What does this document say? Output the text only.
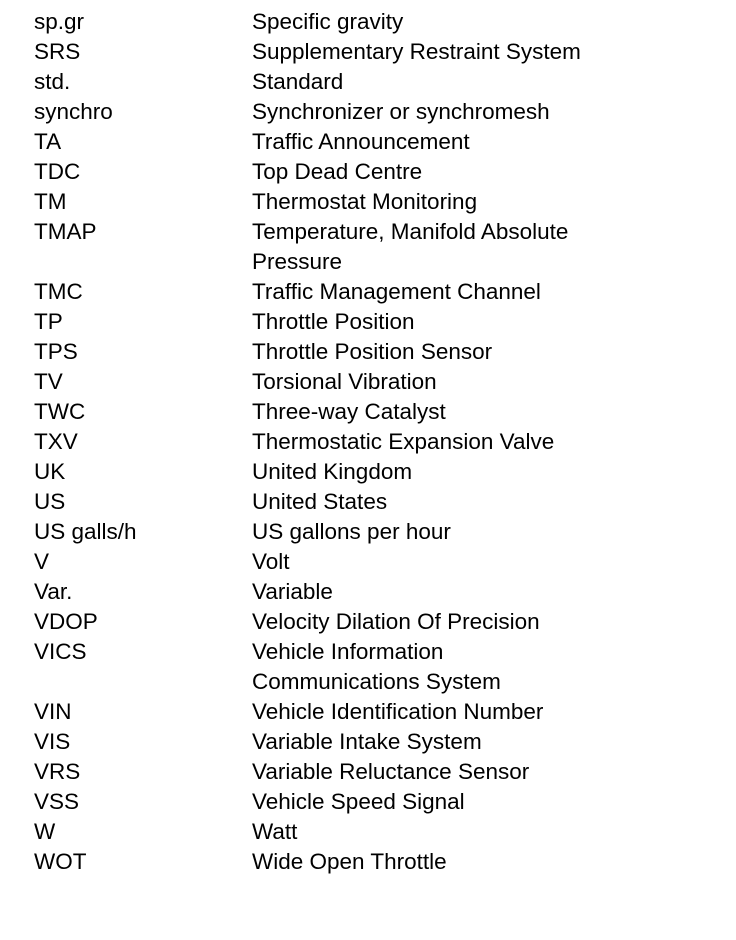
sp.gr	Specific gravity
SRS	Supplementary Restraint System
std.	Standard
synchro	Synchronizer or synchromesh
TA	Traffic Announcement
TDC	Top Dead Centre
TM	Thermostat Monitoring
TMAP	Temperature, Manifold Absolute
Pressure
TMC	Traffic Management Channel
TP	Throttle Position
TPS	Throttle Position Sensor
TV	Torsional Vibration
TWC	Three-way Catalyst
TXV	Thermostatic Expansion Valve
UK	United Kingdom
US	United States
US galls/h	US gallons per hour
V	Volt
Var.	Variable
VDOP	Velocity Dilation Of Precision
VICS	Vehicle Information
Communications System
VIN	Vehicle Identification Number
VIS	Variable Intake System
VRS	Variable Reluctance Sensor
VSS	Vehicle Speed Signal
W	Watt
WOT	Wide Open Throttle
